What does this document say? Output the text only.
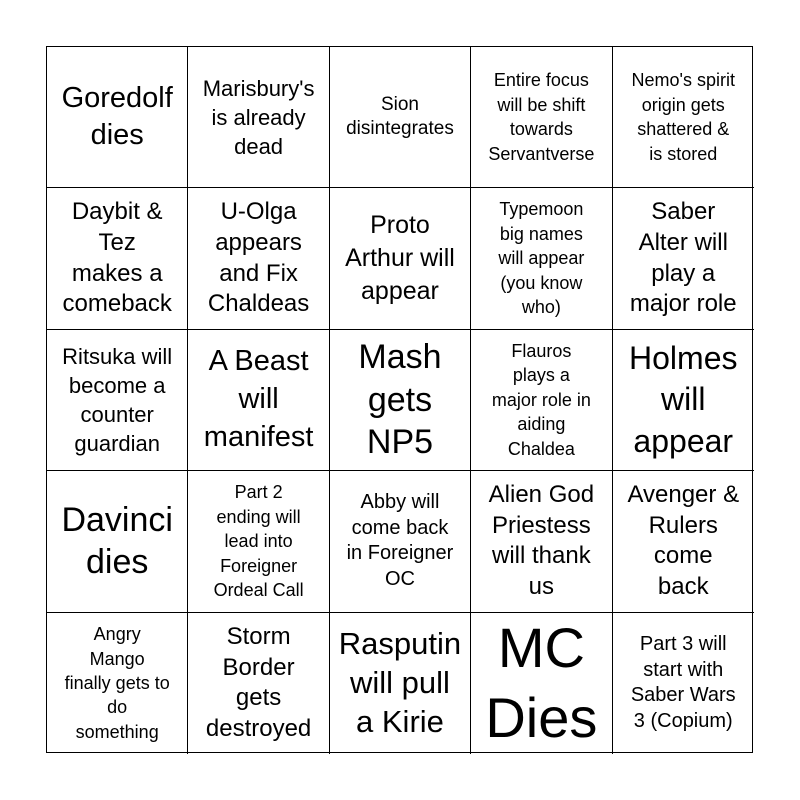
Goredolf
dies
Marisbury's
is already
dead
Sion
disintegrates
Entire focus
will be shift
towards
Servantverse
Nemo's spirit
origin gets
shattered &
is stored
Daybit &
Tez
makes a
comeback
U-Olga
appears
and Fix
Chaldeas
Proto
Arthur will
appear
Typemoon
big names
will appear
(you know
who)
Saber
Alter will
play a
major role
Ritsuka will
become a
counter
guardian
A Beast
will
manifest
Mash
gets
NP5
Flauros
plays a
major role in
aiding
Chaldea
Holmes
will
appear
Davinci
dies
Part 2
ending will
lead into
Foreigner
Ordeal Call
Abby will
come back
in Foreigner
OC
Alien God
Priestess
will thank
us
Avenger &
Rulers
come
back
Angry
Mango
finally gets to
do
something
Storm
Border
gets
destroyed
Rasputin
will pull
a Kirie
MC
Dies
Part 3 will
start with
Saber Wars
3 (Copium)
